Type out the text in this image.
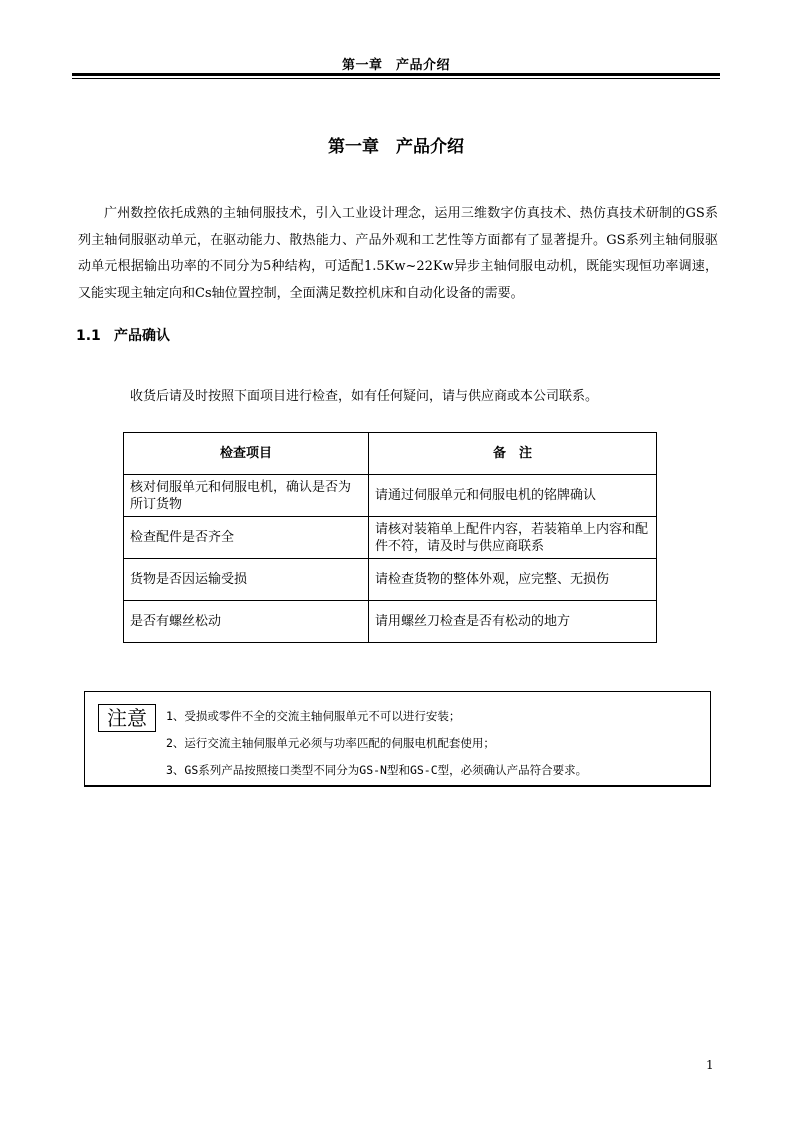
第一章　产品介绍
第一章　产品介绍

广州数控依托成熟的主轴伺服技术，引入工业设计理念，运用三维数字仿真技术、热仿真技术研制的GS系列主轴伺服驱动单元，在驱动能力、散热能力、产品外观和工艺性等方面都有了显著提升。GS系列主轴伺服驱动单元根据输出功率的不同分为5种结构，可适配1.5Kw~22Kw异步主轴伺服电动机，既能实现恒功率调速，又能实现主轴定向和Cs轴位置控制，全面满足数控机床和自动化设备的需要。

1.1 产品确认
收货后请及时按照下面项目进行检查，如有任何疑问，请与供应商或本公司联系。
检查项目	备　注
核对伺服单元和伺服电机，确认是否为所订货物	请通过伺服单元和伺服电机的铭牌确认
检查配件是否齐全	请核对装箱单上配件内容，若装箱单上内容和配件不符，请及时与供应商联系
货物是否因运输受损	请检查货物的整体外观，应完整、无损伤
是否有螺丝松动	请用螺丝刀检查是否有松动的地方
注意	1、受损或零件不全的交流主轴伺服单元不可以进行安装；
2、运行交流主轴伺服单元必须与功率匹配的伺服电机配套使用；
3、GS系列产品按照接口类型不同分为GS-N型和GS-C型，必须确认产品符合要求。
1
